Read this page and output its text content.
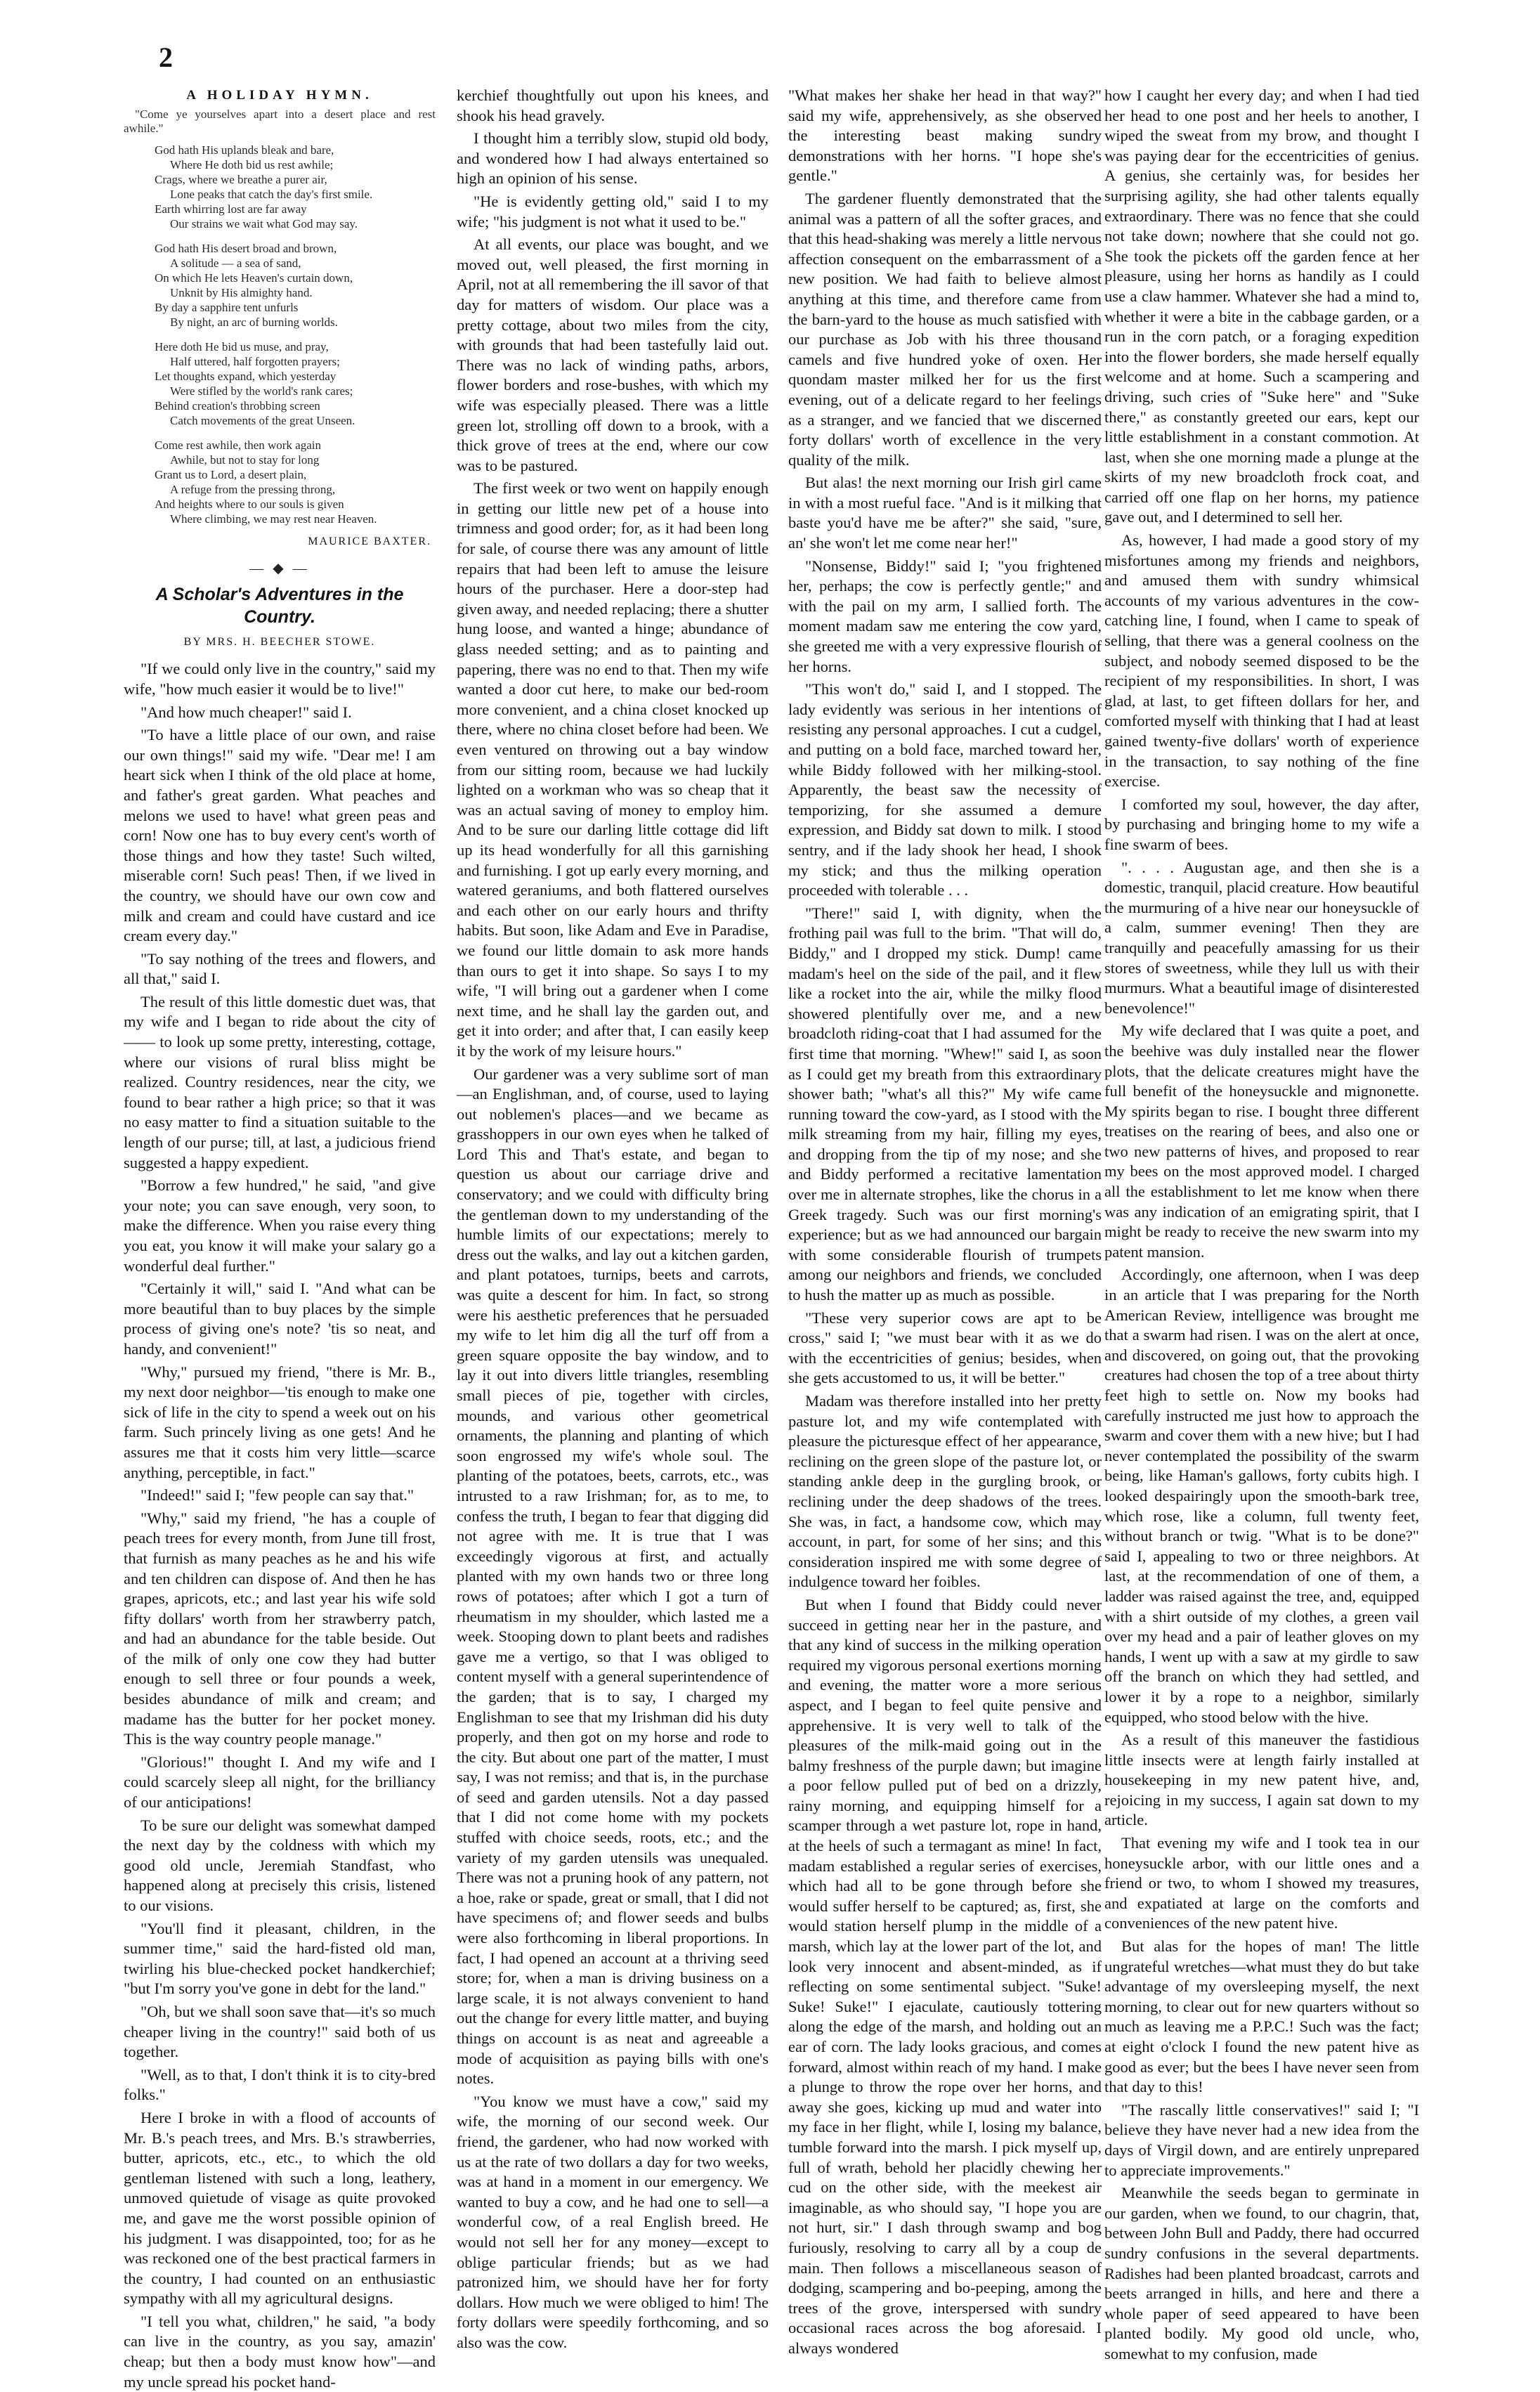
2
A HOLIDAY HYMN.
"Come ye yourselves apart into a desert place and rest awhile."
God hath His uplands bleak and bare,
Where He doth bid us rest awhile;
Crags, where we breathe a purer air,
Lone peaks that catch the day's first smile.
Earth whirring lost are far away
Our strains we wait what God may say.
God hath His desert broad and brown,
A solitude — a sea of sand,
On which He lets Heaven's curtain down,
Unknit by His almighty hand.
By day a sapphire tent unfurls
By night, an arc of burning worlds.
Here doth He bid us muse, and pray,
Half uttered, half forgotten prayers;
Let thoughts expand, which yesterday
Were stifled by the world's rank cares;
Behind creation's throbbing screen
Catch movements of the great Unseen.
Come rest awhile, then work again
Awhile, but not to stay for long
Grant us to Lord, a desert plain,
A refuge from the pressing throng,
And heights where to our souls is given
Where climbing, we may rest near Heaven.
MAURICE BAXTER.
— ◆ —
A Scholar's Adventures in the Country.
BY MRS. H. BEECHER STOWE.

"If we could only live in the country," said my wife, "how much easier it would be to live!"

"And how much cheaper!" said I.

"To have a little place of our own, and raise our own things!" said my wife. "Dear me! I am heart sick when I think of the old place at home, and father's great garden. What peaches and melons we used to have! what green peas and corn! Now one has to buy every cent's worth of those things and how they taste! Such wilted, miserable corn! Such peas! Then, if we lived in the country, we should have our own cow and milk and cream and could have custard and ice cream every day."

"To say nothing of the trees and flowers, and all that," said I.

The result of this little domestic duet was, that my wife and I began to ride about the city of —— to look up some pretty, interesting, cottage, where our visions of rural bliss might be realized. Country residences, near the city, we found to bear rather a high price; so that it was no easy matter to find a situation suitable to the length of our purse; till, at last, a judicious friend suggested a happy expedient.

"Borrow a few hundred," he said, "and give your note; you can save enough, very soon, to make the difference. When you raise every thing you eat, you know it will make your salary go a wonderful deal further."

"Certainly it will," said I. "And what can be more beautiful than to buy places by the simple process of giving one's note? 'tis so neat, and handy, and convenient!"

"Why," pursued my friend, "there is Mr. B., my next door neighbor—'tis enough to make one sick of life in the city to spend a week out on his farm. Such princely living as one gets! And he assures me that it costs him very little—scarce anything, perceptible, in fact."

"Indeed!" said I; "few people can say that."

"Why," said my friend, "he has a couple of peach trees for every month, from June till frost, that furnish as many peaches as he and his wife and ten children can dispose of. And then he has grapes, apricots, etc.; and last year his wife sold fifty dollars' worth from her strawberry patch, and had an abundance for the table beside. Out of the milk of only one cow they had butter enough to sell three or four pounds a week, besides abundance of milk and cream; and madame has the butter for her pocket money. This is the way country people manage."

"Glorious!" thought I. And my wife and I could scarcely sleep all night, for the brilliancy of our anticipations!

To be sure our delight was somewhat damped the next day by the coldness with which my good old uncle, Jeremiah Standfast, who happened along at precisely this crisis, listened to our visions.

"You'll find it pleasant, children, in the summer time," said the hard-fisted old man, twirling his blue-checked pocket handkerchief; "but I'm sorry you've gone in debt for the land."

"Oh, but we shall soon save that—it's so much cheaper living in the country!" said both of us together.

"Well, as to that, I don't think it is to city-bred folks."

Here I broke in with a flood of accounts of Mr. B.'s peach trees, and Mrs. B.'s strawberries, butter, apricots, etc., etc., to which the old gentleman listened with such a long, leathery, unmoved quietude of visage as quite provoked me, and gave me the worst possible opinion of his judgment. I was disappointed, too; for as he was reckoned one of the best practical farmers in the country, I had counted on an enthusiastic sympathy with all my agricultural designs.

"I tell you what, children," he said, "a body can live in the country, as you say, amazin' cheap; but then a body must know how"—and my uncle spread his pocket hand-

kerchief thoughtfully out upon his knees, and shook his head gravely.

I thought him a terribly slow, stupid old body, and wondered how I had always entertained so high an opinion of his sense.

"He is evidently getting old," said I to my wife; "his judgment is not what it used to be."

At all events, our place was bought, and we moved out, well pleased, the first morning in April, not at all remembering the ill savor of that day for matters of wisdom. Our place was a pretty cottage, about two miles from the city, with grounds that had been tastefully laid out. There was no lack of winding paths, arbors, flower borders and rose-bushes, with which my wife was especially pleased. There was a little green lot, strolling off down to a brook, with a thick grove of trees at the end, where our cow was to be pastured.

The first week or two went on happily enough in getting our little new pet of a house into trimness and good order; for, as it had been long for sale, of course there was any amount of little repairs that had been left to amuse the leisure hours of the purchaser. Here a door-step had given away, and needed replacing; there a shutter hung loose, and wanted a hinge; abundance of glass needed setting; and as to painting and papering, there was no end to that. Then my wife wanted a door cut here, to make our bed-room more convenient, and a china closet knocked up there, where no china closet before had been. We even ventured on throwing out a bay window from our sitting room, because we had luckily lighted on a workman who was so cheap that it was an actual saving of money to employ him. And to be sure our darling little cottage did lift up its head wonderfully for all this garnishing and furnishing. I got up early every morning, and watered geraniums, and both flattered ourselves and each other on our early hours and thrifty habits. But soon, like Adam and Eve in Paradise, we found our little domain to ask more hands than ours to get it into shape. So says I to my wife, "I will bring out a gardener when I come next time, and he shall lay the garden out, and get it into order; and after that, I can easily keep it by the work of my leisure hours."

Our gardener was a very sublime sort of man—an Englishman, and, of course, used to laying out noblemen's places—and we became as grasshoppers in our own eyes when he talked of Lord This and That's estate, and began to question us about our carriage drive and conservatory; and we could with difficulty bring the gentleman down to my understanding of the humble limits of our expectations; merely to dress out the walks, and lay out a kitchen garden, and plant potatoes, turnips, beets and carrots, was quite a descent for him. In fact, so strong were his aesthetic preferences that he persuaded my wife to let him dig all the turf off from a green square opposite the bay window, and to lay it out into divers little triangles, resembling small pieces of pie, together with circles, mounds, and various other geometrical ornaments, the planning and planting of which soon engrossed my wife's whole soul. The planting of the potatoes, beets, carrots, etc., was intrusted to a raw Irishman; for, as to me, to confess the truth, I began to fear that digging did not agree with me. It is true that I was exceedingly vigorous at first, and actually planted with my own hands two or three long rows of potatoes; after which I got a turn of rheumatism in my shoulder, which lasted me a week. Stooping down to plant beets and radishes gave me a vertigo, so that I was obliged to content myself with a general superintendence of the garden; that is to say, I charged my Englishman to see that my Irishman did his duty properly, and then got on my horse and rode to the city. But about one part of the matter, I must say, I was not remiss; and that is, in the purchase of seed and garden utensils. Not a day passed that I did not come home with my pockets stuffed with choice seeds, roots, etc.; and the variety of my garden utensils was unequaled. There was not a pruning hook of any pattern, not a hoe, rake or spade, great or small, that I did not have specimens of; and flower seeds and bulbs were also forthcoming in liberal proportions. In fact, I had opened an account at a thriving seed store; for, when a man is driving business on a large scale, it is not always convenient to hand out the change for every little matter, and buying things on account is as neat and agreeable a mode of acquisition as paying bills with one's notes.

"You know we must have a cow," said my wife, the morning of our second week. Our friend, the gardener, who had now worked with us at the rate of two dollars a day for two weeks, was at hand in a moment in our emergency. We wanted to buy a cow, and he had one to sell—a wonderful cow, of a real English breed. He would not sell her for any money—except to oblige particular friends; but as we had patronized him, we should have her for forty dollars. How much we were obliged to him! The forty dollars were speedily forthcoming, and so also was the cow.

"What makes her shake her head in that way?" said my wife, apprehensively, as she observed the interesting beast making sundry demonstrations with her horns. "I hope she's gentle."

The gardener fluently demonstrated that the animal was a pattern of all the softer graces, and that this head-shaking was merely a little nervous affection consequent on the embarrassment of a new position. We had faith to believe almost anything at this time, and therefore came from the barn-yard to the house as much satisfied with our purchase as Job with his three thousand camels and five hundred yoke of oxen. Her quondam master milked her for us the first evening, out of a delicate regard to her feelings as a stranger, and we fancied that we discerned forty dollars' worth of excellence in the very quality of the milk.

But alas! the next morning our Irish girl came in with a most rueful face. "And is it milking that baste you'd have me be after?" she said, "sure, an' she won't let me come near her!"

"Nonsense, Biddy!" said I; "you frightened her, perhaps; the cow is perfectly gentle;" and with the pail on my arm, I sallied forth. The moment madam saw me entering the cow yard, she greeted me with a very expressive flourish of her horns.

"This won't do," said I, and I stopped. The lady evidently was serious in her intentions of resisting any personal approaches. I cut a cudgel, and putting on a bold face, marched toward her, while Biddy followed with her milking-stool. Apparently, the beast saw the necessity of temporizing, for she assumed a demure expression, and Biddy sat down to milk. I stood sentry, and if the lady shook her head, I shook my stick; and thus the milking operation proceeded with tolerable . . .

"There!" said I, with dignity, when the frothing pail was full to the brim. "That will do, Biddy," and I dropped my stick. Dump! came madam's heel on the side of the pail, and it flew like a rocket into the air, while the milky flood showered plentifully over me, and a new broadcloth riding-coat that I had assumed for the first time that morning. "Whew!" said I, as soon as I could get my breath from this extraordinary shower bath; "what's all this?" My wife came running toward the cow-yard, as I stood with the milk streaming from my hair, filling my eyes, and dropping from the tip of my nose; and she and Biddy performed a recitative lamentation over me in alternate strophes, like the chorus in a Greek tragedy. Such was our first morning's experience; but as we had announced our bargain with some considerable flourish of trumpets among our neighbors and friends, we concluded to hush the matter up as much as possible.

"These very superior cows are apt to be cross," said I; "we must bear with it as we do with the eccentricities of genius; besides, when she gets accustomed to us, it will be better."

Madam was therefore installed into her pretty pasture lot, and my wife contemplated with pleasure the picturesque effect of her appearance, reclining on the green slope of the pasture lot, or standing ankle deep in the gurgling brook, or reclining under the deep shadows of the trees. She was, in fact, a handsome cow, which may account, in part, for some of her sins; and this consideration inspired me with some degree of indulgence toward her foibles.

But when I found that Biddy could never succeed in getting near her in the pasture, and that any kind of success in the milking operation required my vigorous personal exertions morning and evening, the matter wore a more serious aspect, and I began to feel quite pensive and apprehensive. It is very well to talk of the pleasures of the milk-maid going out in the balmy freshness of the purple dawn; but imagine a poor fellow pulled put of bed on a drizzly, rainy morning, and equipping himself for a scamper through a wet pasture lot, rope in hand, at the heels of such a termagant as mine! In fact, madam established a regular series of exercises, which had all to be gone through before she would suffer herself to be captured; as, first, she would station herself plump in the middle of a marsh, which lay at the lower part of the lot, and look very innocent and absent-minded, as if reflecting on some sentimental subject. "Suke! Suke! Suke!" I ejaculate, cautiously tottering along the edge of the marsh, and holding out an ear of corn. The lady looks gracious, and comes forward, almost within reach of my hand. I make a plunge to throw the rope over her horns, and away she goes, kicking up mud and water into my face in her flight, while I, losing my balance, tumble forward into the marsh. I pick myself up, full of wrath, behold her placidly chewing her cud on the other side, with the meekest air imaginable, as who should say, "I hope you are not hurt, sir." I dash through swamp and bog furiously, resolving to carry all by a coup de main. Then follows a miscellaneous season of dodging, scampering and bo-peeping, among the trees of the grove, interspersed with sundry occasional races across the bog aforesaid. I always wondered

how I caught her every day; and when I had tied her head to one post and her heels to another, I wiped the sweat from my brow, and thought I was paying dear for the eccentricities of genius. A genius, she certainly was, for besides her surprising agility, she had other talents equally extraordinary. There was no fence that she could not take down; nowhere that she could not go. She took the pickets off the garden fence at her pleasure, using her horns as handily as I could use a claw hammer. Whatever she had a mind to, whether it were a bite in the cabbage garden, or a run in the corn patch, or a foraging expedition into the flower borders, she made herself equally welcome and at home. Such a scampering and driving, such cries of "Suke here" and "Suke there," as constantly greeted our ears, kept our little establishment in a constant commotion. At last, when she one morning made a plunge at the skirts of my new broadcloth frock coat, and carried off one flap on her horns, my patience gave out, and I determined to sell her.

As, however, I had made a good story of my misfortunes among my friends and neighbors, and amused them with sundry whimsical accounts of my various adventures in the cow-catching line, I found, when I came to speak of selling, that there was a general coolness on the subject, and nobody seemed disposed to be the recipient of my responsibilities. In short, I was glad, at last, to get fifteen dollars for her, and comforted myself with thinking that I had at least gained twenty-five dollars' worth of experience in the transaction, to say nothing of the fine exercise.

I comforted my soul, however, the day after, by purchasing and bringing home to my wife a fine swarm of bees.

". . . . Augustan age, and then she is a domestic, tranquil, placid creature. How beautiful the murmuring of a hive near our honeysuckle of a calm, summer evening! Then they are tranquilly and peacefully amassing for us their stores of sweetness, while they lull us with their murmurs. What a beautiful image of disinterested benevolence!"

My wife declared that I was quite a poet, and the beehive was duly installed near the flower plots, that the delicate creatures might have the full benefit of the honeysuckle and mignonette. My spirits began to rise. I bought three different treatises on the rearing of bees, and also one or two new patterns of hives, and proposed to rear my bees on the most approved model. I charged all the establishment to let me know when there was any indication of an emigrating spirit, that I might be ready to receive the new swarm into my patent mansion.

Accordingly, one afternoon, when I was deep in an article that I was preparing for the North American Review, intelligence was brought me that a swarm had risen. I was on the alert at once, and discovered, on going out, that the provoking creatures had chosen the top of a tree about thirty feet high to settle on. Now my books had carefully instructed me just how to approach the swarm and cover them with a new hive; but I had never contemplated the possibility of the swarm being, like Haman's gallows, forty cubits high. I looked despairingly upon the smooth-bark tree, which rose, like a column, full twenty feet, without branch or twig. "What is to be done?" said I, appealing to two or three neighbors. At last, at the recommendation of one of them, a ladder was raised against the tree, and, equipped with a shirt outside of my clothes, a green vail over my head and a pair of leather gloves on my hands, I went up with a saw at my girdle to saw off the branch on which they had settled, and lower it by a rope to a neighbor, similarly equipped, who stood below with the hive.

As a result of this maneuver the fastidious little insects were at length fairly installed at housekeeping in my new patent hive, and, rejoicing in my success, I again sat down to my article.

That evening my wife and I took tea in our honeysuckle arbor, with our little ones and a friend or two, to whom I showed my treasures, and expatiated at large on the comforts and conveniences of the new patent hive.

But alas for the hopes of man! The little ungrateful wretches—what must they do but take advantage of my oversleeping myself, the next morning, to clear out for new quarters without so much as leaving me a P.P.C.! Such was the fact; at eight o'clock I found the new patent hive as good as ever; but the bees I have never seen from that day to this!

"The rascally little conservatives!" said I; "I believe they have never had a new idea from the days of Virgil down, and are entirely unprepared to appreciate improvements."

Meanwhile the seeds began to germinate in our garden, when we found, to our chagrin, that, between John Bull and Paddy, there had occurred sundry confusions in the several departments. Radishes had been planted broadcast, carrots and beets arranged in hills, and here and there a whole paper of seed appeared to have been planted bodily. My good old uncle, who, somewhat to my confusion, made
